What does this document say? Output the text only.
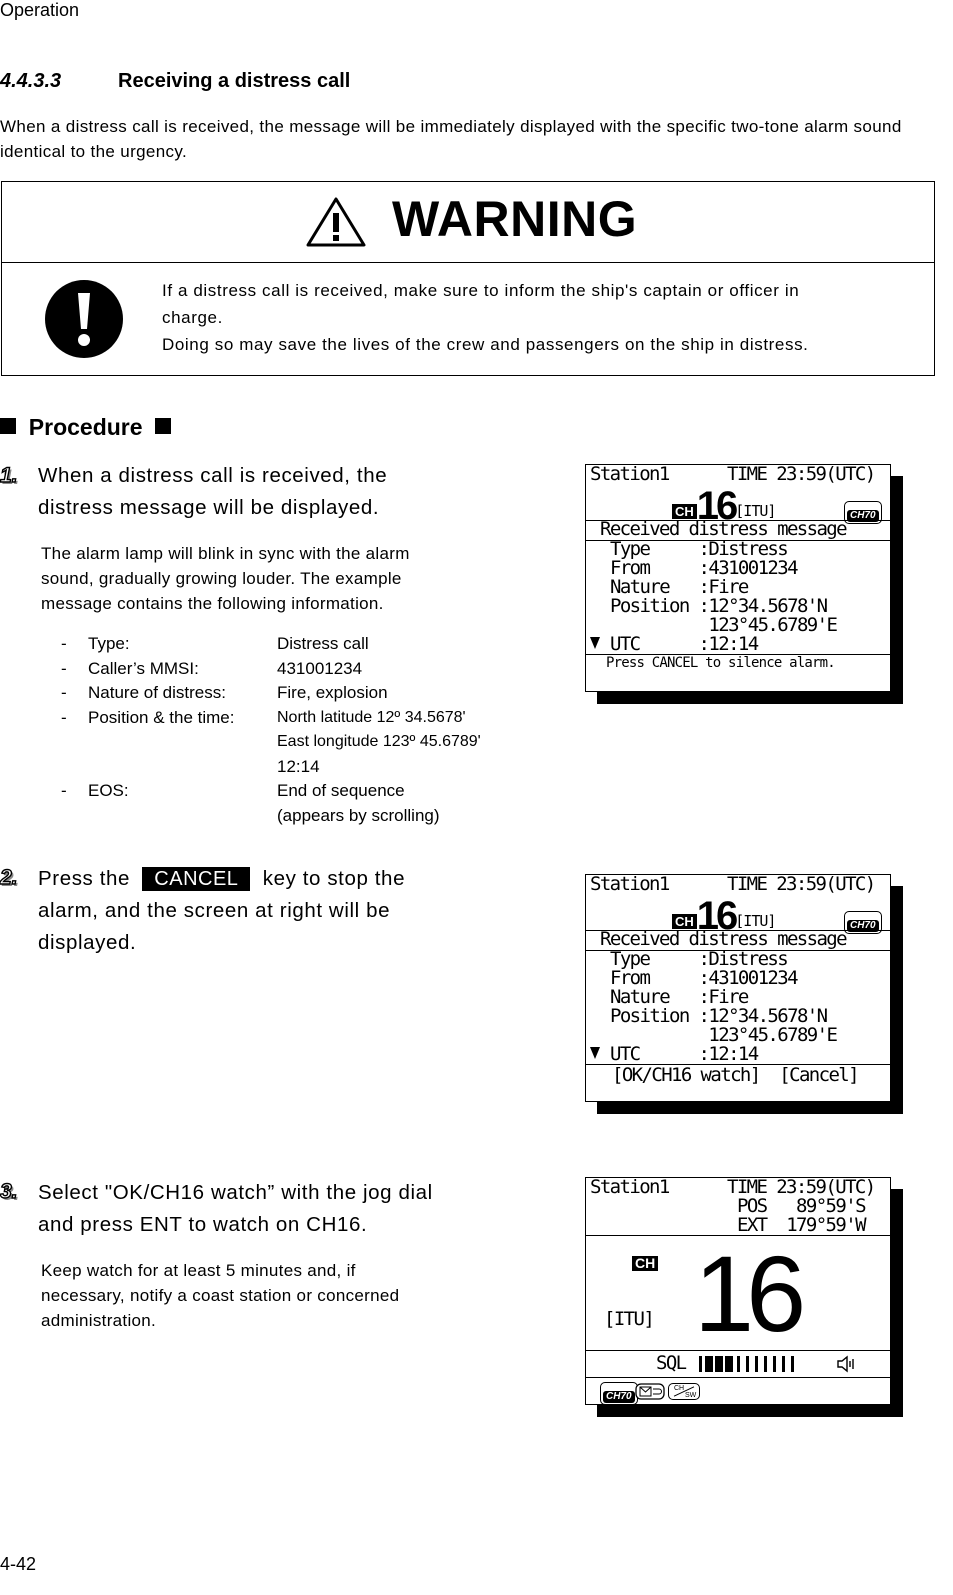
Operation
4.4.3.3	Receiving a distress call
When a distress call is received, the message will be immediately displayed with the specific two-tone alarm sound identical to the urgency.
WARNING
If a distress call is received, make sure to inform the ship's captain or officer in
charge.
Doing so may save the lives of the crew and passengers on the ship in distress.
Procedure
1. When a distress call is received, the
distress message will be displayed.
The alarm lamp will blink in sync with the alarm
sound, gradually growing louder. The example
message contains the following information.
- Type:	Distress call
- Caller’s MMSI:	431001234
- Nature of distress:	Fire, explosion
- Position & the time:	North latitude 12º 34.5678'
East longitude 123º 45.6789'
12:14
- EOS:	End of sequence
(appears by scrolling)
Station1	TIME 23:59(UTC)
CH16[ITU]	CH70
Received distress message
Type     :Distress
From     :431001234
Nature   :Fire
Position :12°34.5678'N
123°45.6789'E
UTC      :12:14
Press CANCEL to silence alarm.
2. Press the CANCEL key to stop the
alarm, and the screen at right will be
displayed.
Station1	TIME 23:59(UTC)
CH16[ITU]	CH70
Received distress message
Type     :Distress
From     :431001234
Nature   :Fire
Position :12°34.5678'N
123°45.6789'E
UTC      :12:14
[OK/CH16 watch]  [Cancel]
3. Select "OK/CH16 watch” with the jog dial
and press ENT to watch on CH16.
Keep watch for at least 5 minutes and, if
necessary, notify a coast station or concerned
administration.
Station1	TIME 23:59(UTC)
POS   89°59'S
EXT  179°59'W
CH
[ITU] 16
SQL
CH70
CH
SW
4-42
